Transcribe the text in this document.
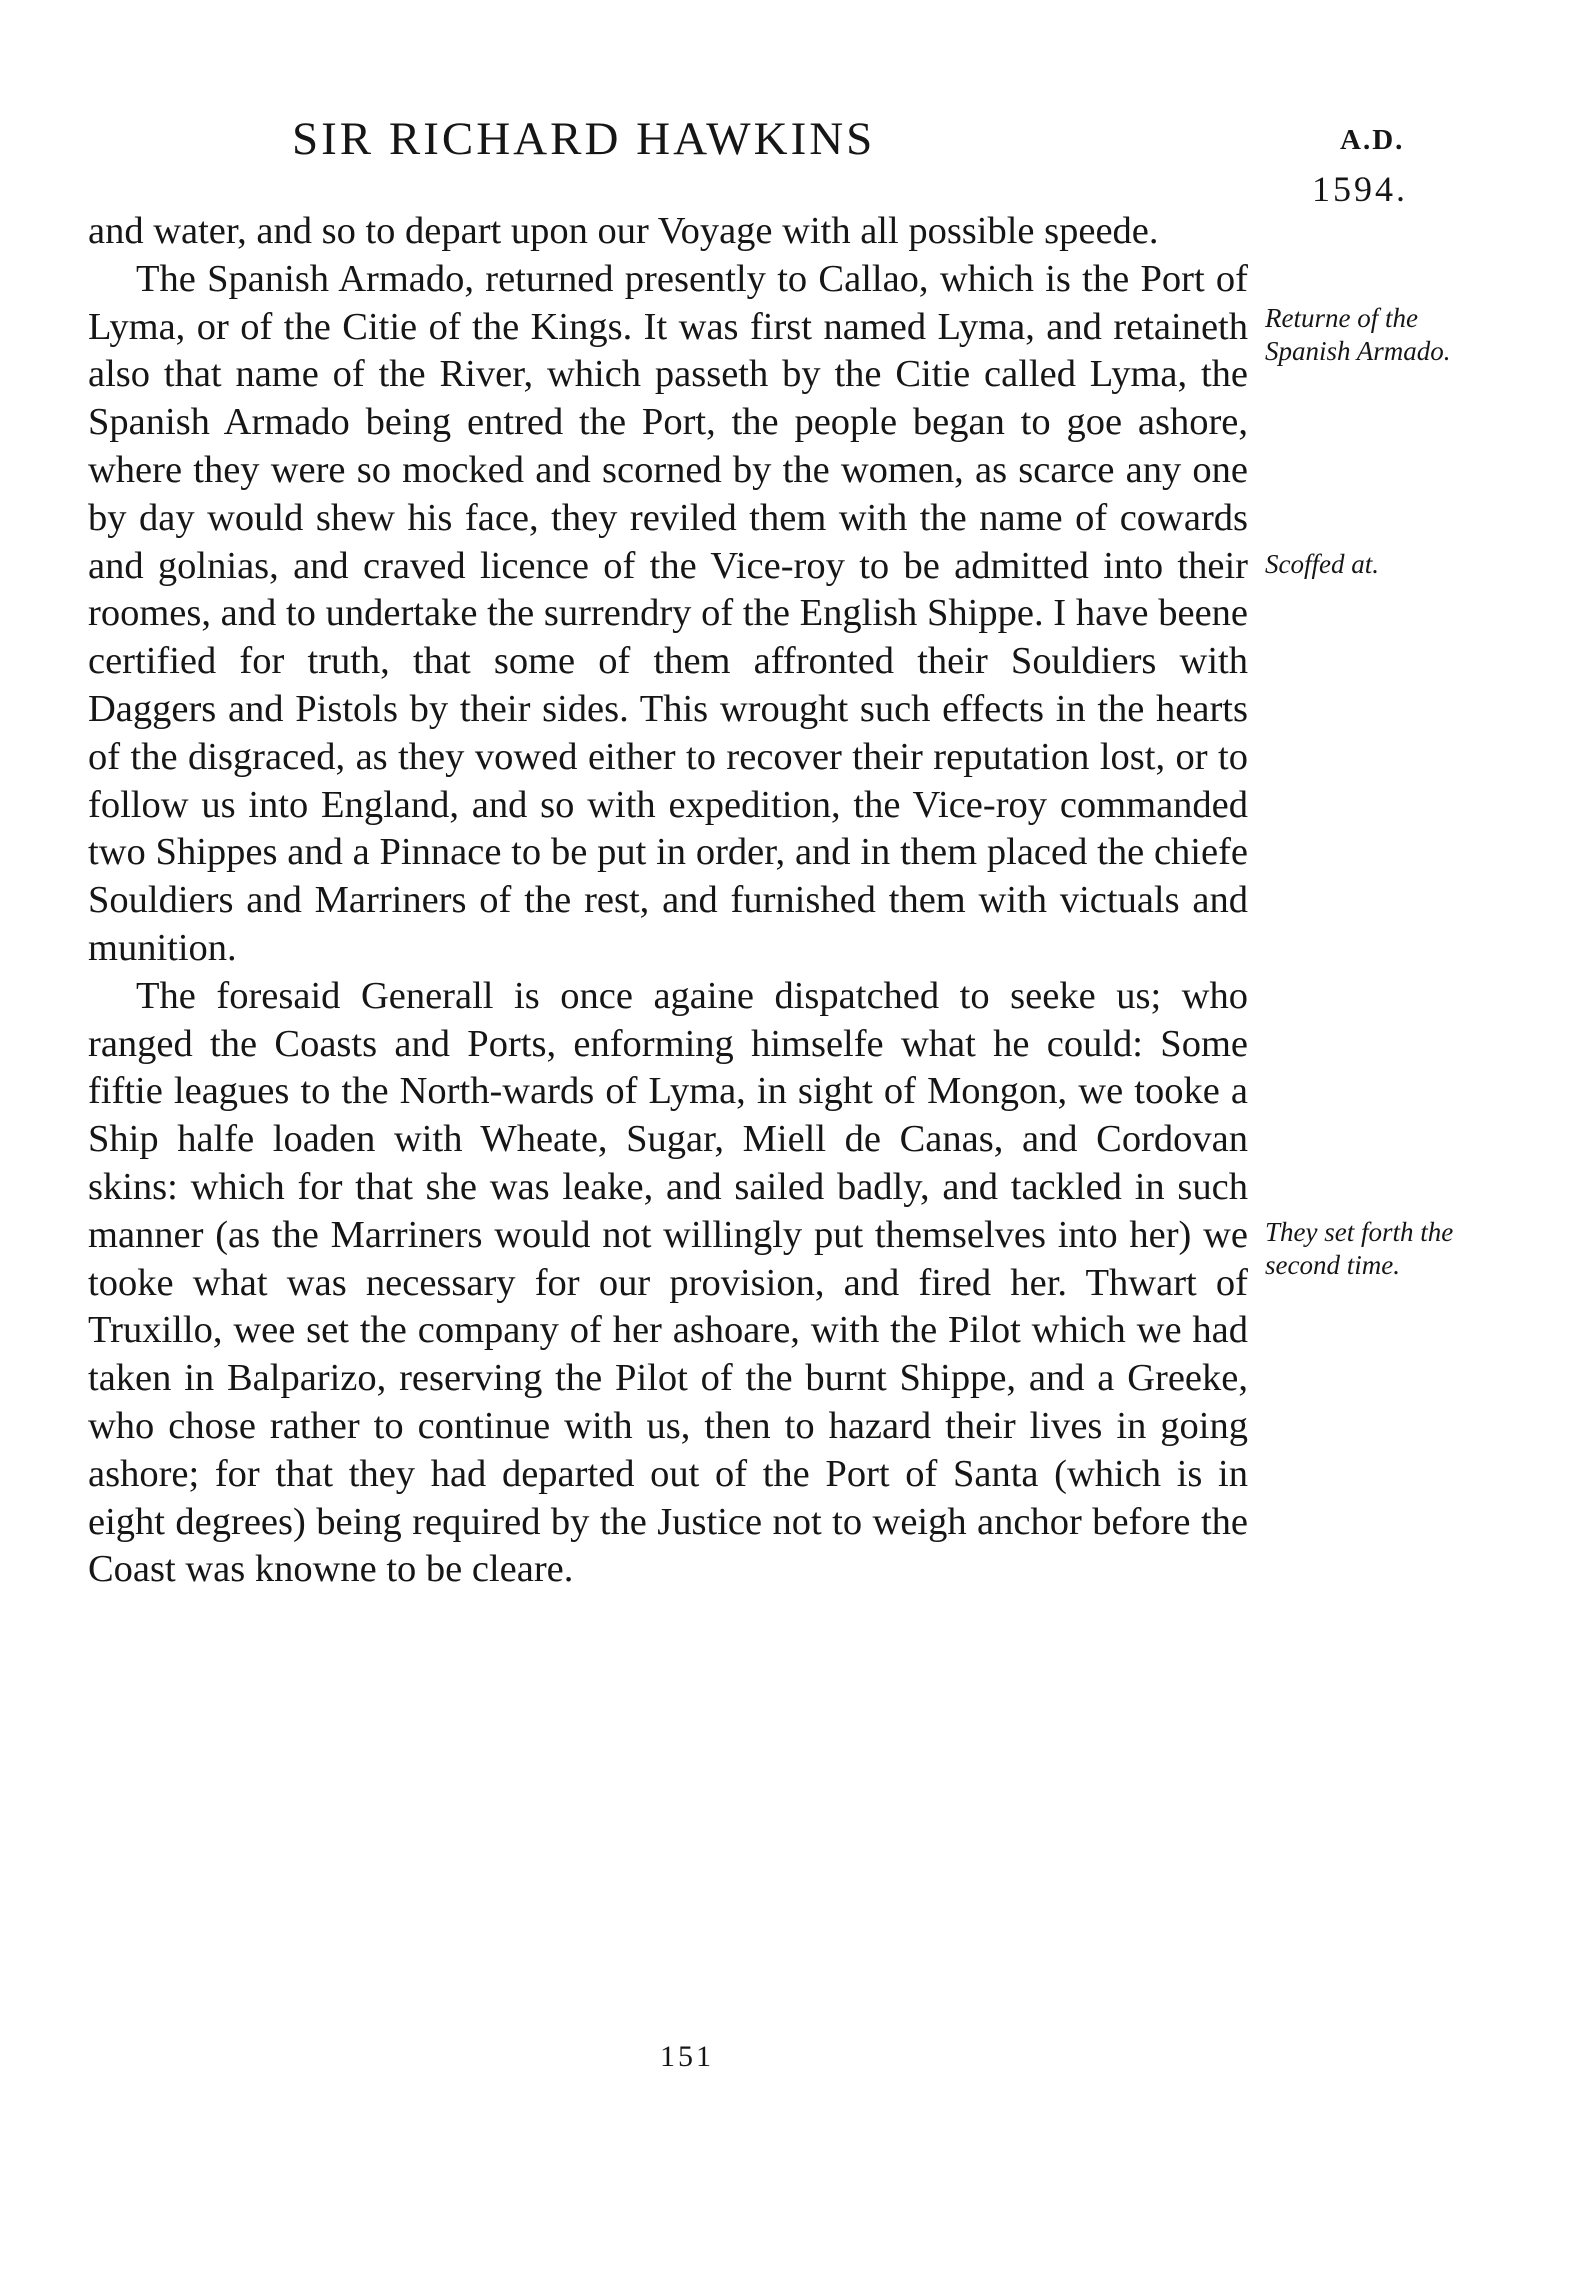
SIR RICHARD HAWKINS	A.D.
1594.

and water, and so to depart upon our Voyage with all possible speede.

The Spanish Armado, returned presently to Callao, which is the Port of Lyma, or of the Citie of the Kings. It was first named Lyma, and retaineth also that name of the River, which passeth by the Citie called Lyma, the Spanish Armado being entred the Port, the people began to goe ashore, where they were so mocked and scorned by the women, as scarce any one by day would shew his face, they reviled them with the name of cowards and golnias, and craved licence of the Vice-roy to be admitted into their roomes, and to undertake the surrendry of the English Shippe. I have beene certified for truth, that some of them affronted their Souldiers with Daggers and Pistols by their sides. This wrought such effects in the hearts of the disgraced, as they vowed either to recover their reputation lost, or to follow us into England, and so with expedition, the Vice-roy commanded two Shippes and a Pinnace to be put in order, and in them placed the chiefe Souldiers and Marriners of the rest, and furnished them with victuals and munition.

The foresaid Generall is once againe dispatched to seeke us; who ranged the Coasts and Ports, enforming himselfe what he could: Some fiftie leagues to the North-wards of Lyma, in sight of Mongon, we tooke a Ship halfe loaden with Wheate, Sugar, Miell de Canas, and Cordovan skins: which for that she was leake, and sailed badly, and tackled in such manner (as the Marriners would not willingly put themselves into her) we tooke what was necessary for our provision, and fired her. Thwart of Truxillo, wee set the company of her ashoare, with the Pilot which we had taken in Balparizo, reserving the Pilot of the burnt Shippe, and a Greeke, who chose rather to continue with us, then to hazard their lives in going ashore; for that they had departed out of the Port of Santa (which is in eight degrees) being required by the Justice not to weigh anchor before the Coast was knowne to be cleare.

Returne of the Spanish Armado.
Scoffed at.
They set forth the second time.
151
